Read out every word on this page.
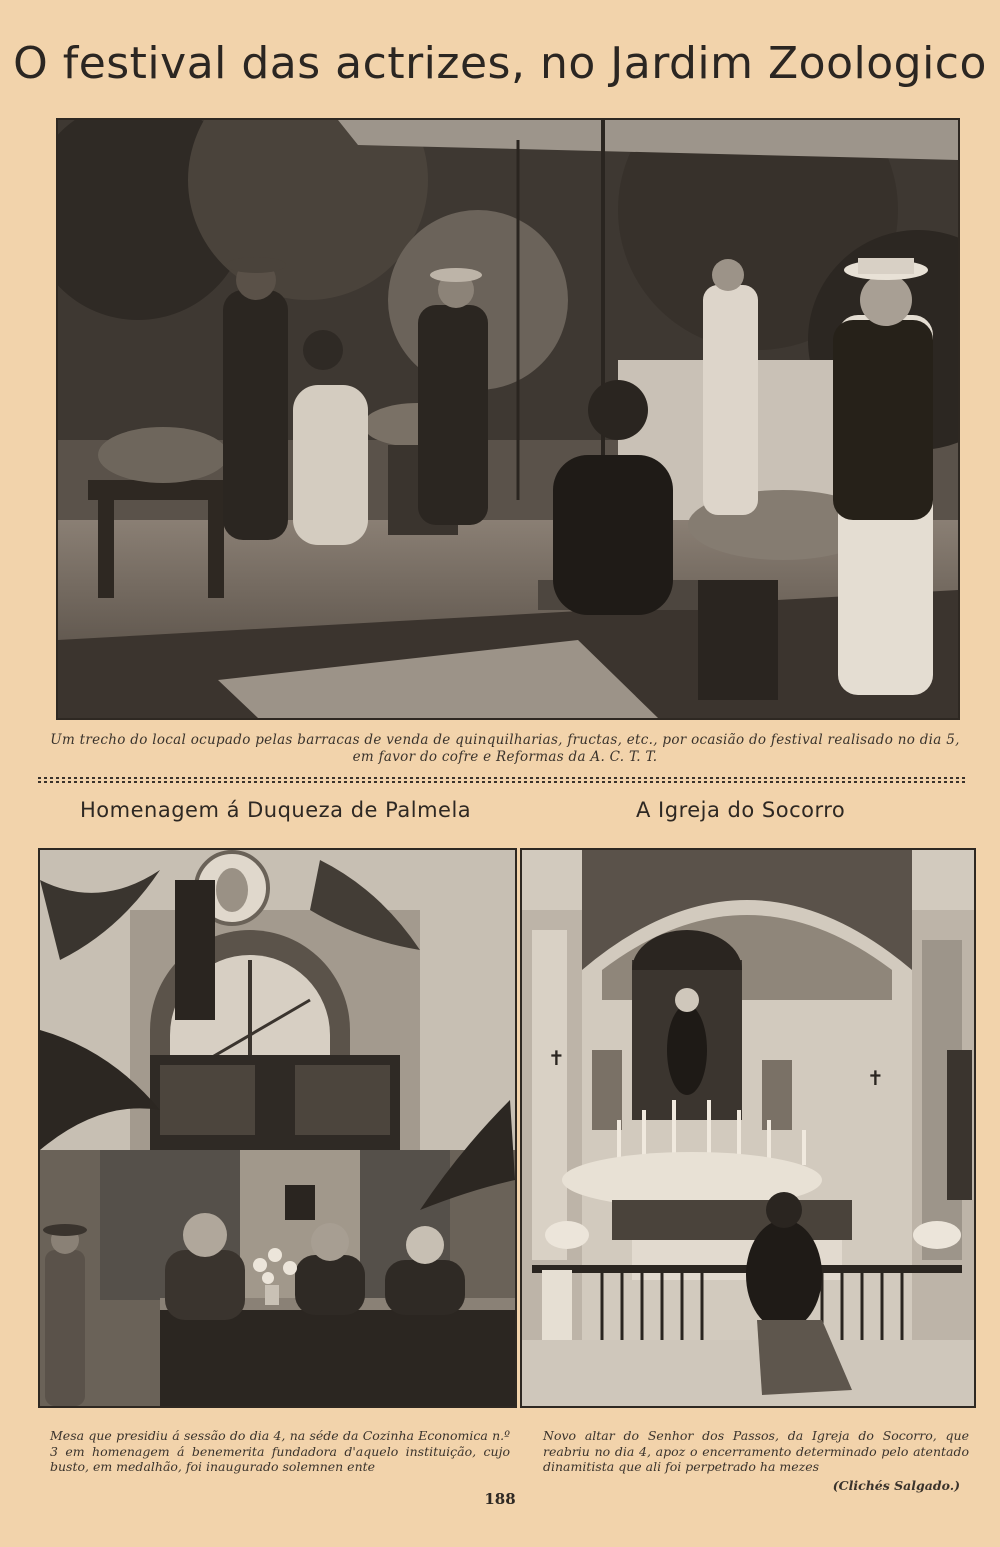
O festival das actrizes, no Jardim Zoologico
Um trecho do local ocupado pelas barracas de venda de quinquilharias, fructas, etc., por ocasião do festival realisado no dia 5,
em favor do cofre e Reformas da A. C. T. T.
Homenagem á Duqueza de Palmela	A Igreja do Socorro
✝
✝
Mesa que presidiu á sessão do dia 4, na séde da Cozinha Economica n.º 3 em homenagem á benemerita fundadora d'aquelo instituição, cujo busto, em medalhão, foi inaugurado solemnen ente
Novo altar do Senhor dos Passos, da Igreja do Socorro, que reabriu no dia 4, apoz o encerramento determinado pelo atentado dinamitista que ali foi perpetrado ha mezes
(Clichés Salgado.)
188
